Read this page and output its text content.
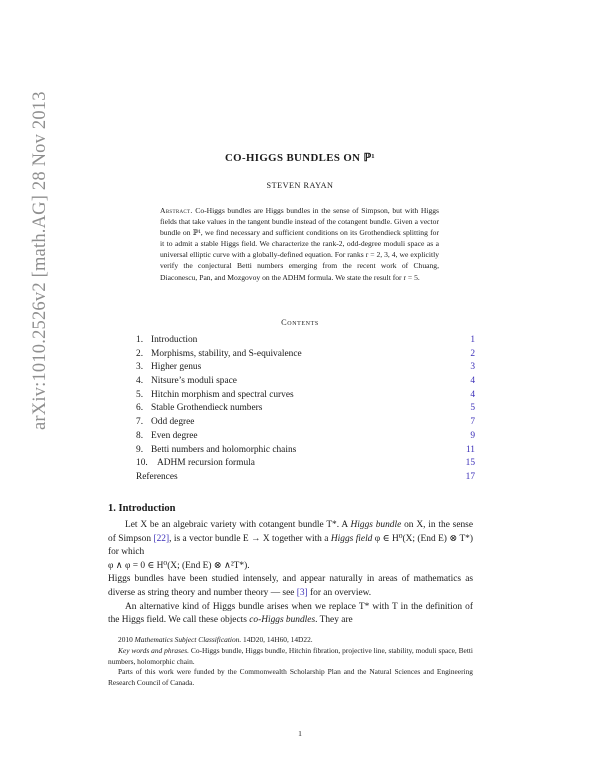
arXiv:1010.2526v2 [math.AG] 28 Nov 2013	CO-HIGGS BUNDLES ON ℙ¹
STEVEN RAYAN
Abstract. Co-Higgs bundles are Higgs bundles in the sense of Simpson, but with Higgs fields that take values in the tangent bundle instead of the cotangent bundle. Given a vector bundle on ℙ¹, we find necessary and sufficient conditions on its Grothendieck splitting for it to admit a stable Higgs field. We characterize the rank-2, odd-degree moduli space as a universal elliptic curve with a globally-defined equation. For ranks r = 2, 3, 4, we explicitly verify the conjectural Betti numbers emerging from the recent work of Chuang, Diaconescu, Pan, and Mozgovoy on the ADHM formula. We state the result for r = 5.
Contents
1. Introduction	1
2. Morphisms, stability, and S-equivalence	2
3. Higher genus	3
4. Nitsure’s moduli space	4
5. Hitchin morphism and spectral curves	4
6. Stable Grothendieck numbers	5
7. Odd degree	7
8. Even degree	9
9. Betti numbers and holomorphic chains	11
10. ADHM recursion formula	15
References	17
1. Introduction

Let X be an algebraic variety with cotangent bundle T*. A Higgs bundle on X, in the sense of Simpson [22], is a vector bundle E → X together with a Higgs field φ ∈ H⁰(X; (End E) ⊗ T*) for which

φ ∧ φ = 0 ∈ H⁰(X; (End E) ⊗ ∧²T*).

Higgs bundles have been studied intensely, and appear naturally in areas of mathematics as diverse as string theory and number theory — see [3] for an overview.

An alternative kind of Higgs bundle arises when we replace T* with T in the definition of the Higgs field. We call these objects co-Higgs bundles. They are

2010 Mathematics Subject Classification. 14D20, 14H60, 14D22.

Key words and phrases. Co-Higgs bundle, Higgs bundle, Hitchin fibration, projective line, stability, moduli space, Betti numbers, holomorphic chain.

Parts of this work were funded by the Commonwealth Scholarship Plan and the Natural Sciences and Engineering Research Council of Canada.

1
